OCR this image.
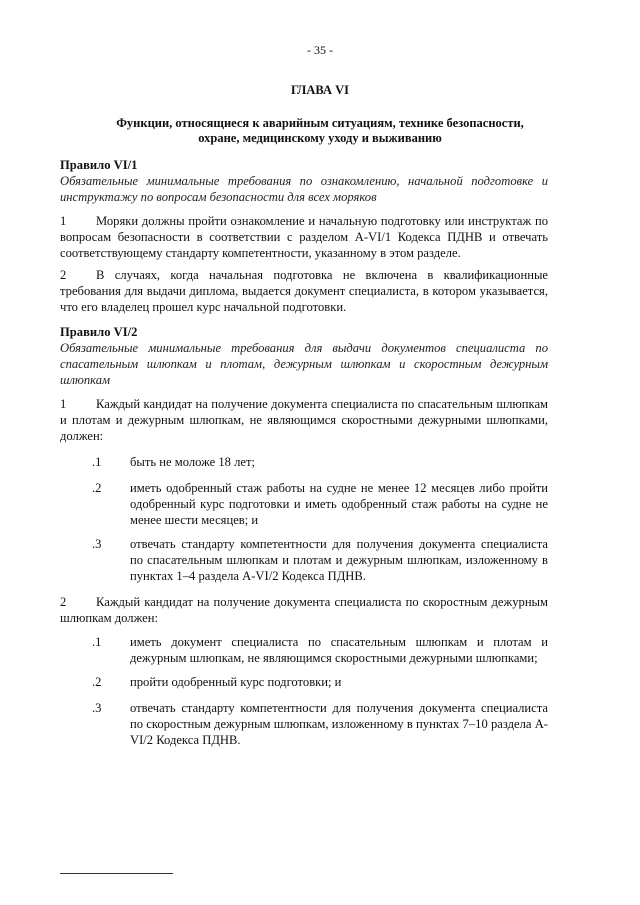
- 35 -
ГЛАВА VI
Функции, относящиеся к аварийным ситуациям, технике безопасности, охране, медицинскому уходу и выживанию

Правило VI/1

Обязательные минимальные требования по ознакомлению, начальной подготовке и инструктажу по вопросам безопасности для всех моряков

1 Моряки должны пройти ознакомление и начальную подготовку или инструктаж по вопросам безопасности в соответствии с разделом A-VI/1 Кодекса ПДНВ и отвечать соответствующему стандарту компетентности, указанному в этом разделе.

2 В случаях, когда начальная подготовка не включена в квалификационные требования для выдачи диплома, выдается документ специалиста, в котором указывается, что его владелец прошел курс начальной подготовки.

Правило VI/2

Обязательные минимальные требования для выдачи документов специалиста по спасательным шлюпкам и плотам, дежурным шлюпкам и скоростным дежурным шлюпкам

1 Каждый кандидат на получение документа специалиста по спасательным шлюпкам и плотам и дежурным шлюпкам, не являющимся скоростными дежурными шлюпками, должен:

.1 быть не моложе 18 лет;
.2 иметь одобренный стаж работы на судне не менее 12 месяцев либо пройти одобренный курс подготовки и иметь одобренный стаж работы на судне не менее шести месяцев; и
.3 отвечать стандарту компетентности для получения документа специалиста по спасательным шлюпкам и плотам и дежурным шлюпкам, изложенному в пунктах 1–4 раздела A-VI/2 Кодекса ПДНВ.

2 Каждый кандидат на получение документа специалиста по скоростным дежурным шлюпкам должен:

.1 иметь документ специалиста по спасательным шлюпкам и плотам и дежурным шлюпкам, не являющимся скоростными дежурными шлюпками;
.2 пройти одобренный курс подготовки; и
.3 отвечать стандарту компетентности для получения документа специалиста по скоростным дежурным шлюпкам, изложенному в пунктах 7–10 раздела A-VI/2 Кодекса ПДНВ.
